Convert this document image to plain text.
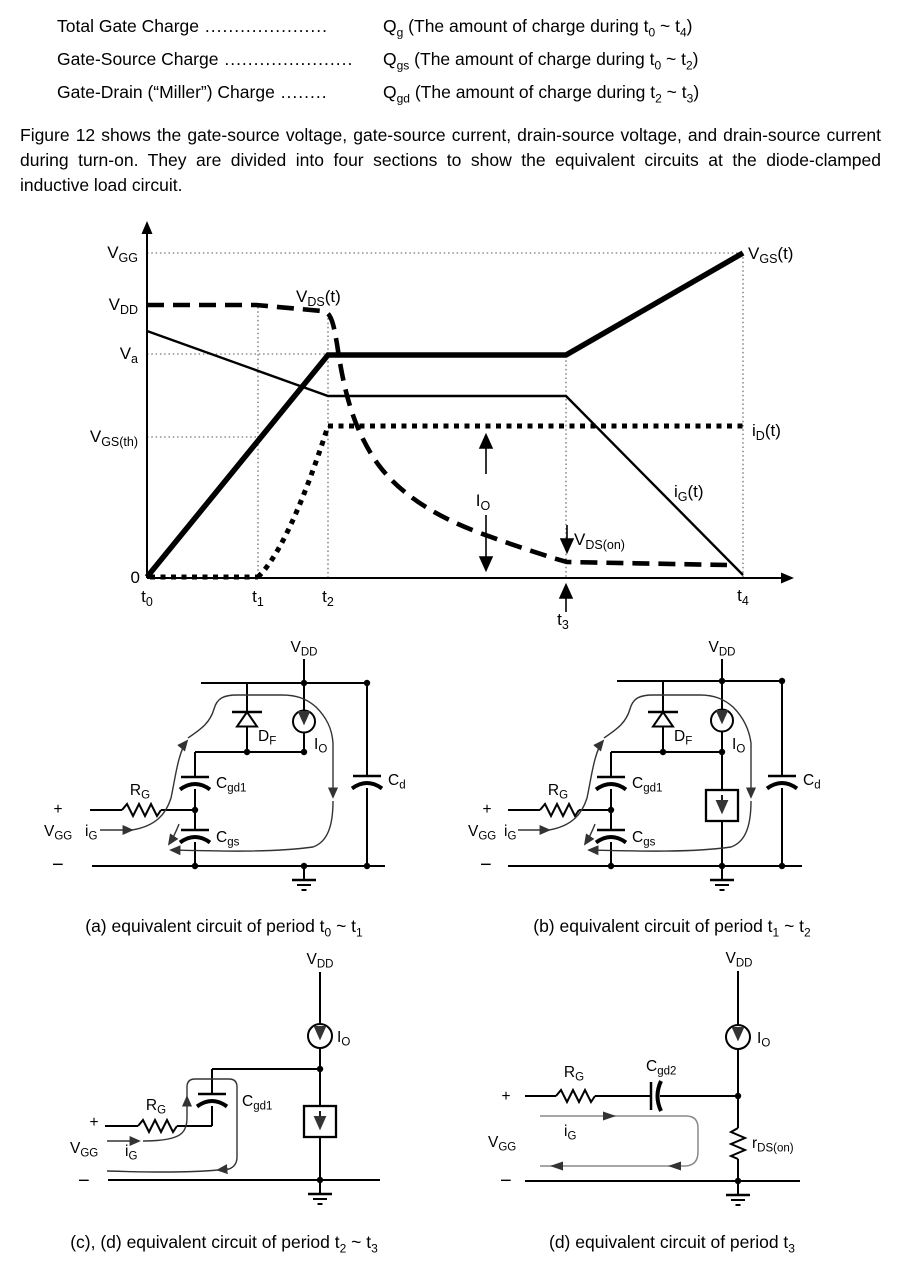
Total Gate Charge .....................	$Q_g$ (The amount of charge during $t_0$ ~ $t_4$)
Gate-Source Charge ...................... $Q_{gs}$ (The amount of charge during $t_0$ ~ $t_2$)
Gate-Drain (“Miller”) Charge ........	$Q_{gd}$ (The amount of charge during $t_2$ ~ $t_3$)

Figure 12 shows the gate-source voltage, gate-source current, drain-source voltage, and drain-source current during turn-on. They are divided into four sections to show the equivalent circuits at the diode-clamped inductive load circuit.

$V_{GG}$
$V_{DD}$
$V_a$
$V_{GS(th)}$
0
$t_0$	$t_1$	$t_2$
$t_3$
$t_4$
$V_{GS}(t)$
$V_{DS}(t)$
$i_D(t)$
$i_G(t)$
$I_O$
$V_{DS(on)}$
$V_{DD}$
$D_F$ $I_O$
$C_{gd1}$
$R_G$
$C_{gs}$
$C_d$
+
$V_{GG}$ $i_G$
−
$V_{DD}$
$D_F$	$I_O$
$C_{gd1}$
$R_G$
$C_{gs}$
$C_d$
+
$V_{GG}$ $i_G$
−
(a) equivalent circuit of period $t_0$ ~ $t_1$	(b) equivalent circuit of period $t_1$ ~ $t_2$
$V_{DD}$
$I_O$
$C_{gd1}$
$R_G$
+
$V_{GG}$ $i_G$
−
$V_{DD}$
$I_O$
$C_{gd2}$
$R_G$
$r_{DS(on)}$
+
$V_{GG}$
$i_G$
−
(c), (d) equivalent circuit of period $t_2$ ~ $t_3$	(d) equivalent circuit of period $t_3$
